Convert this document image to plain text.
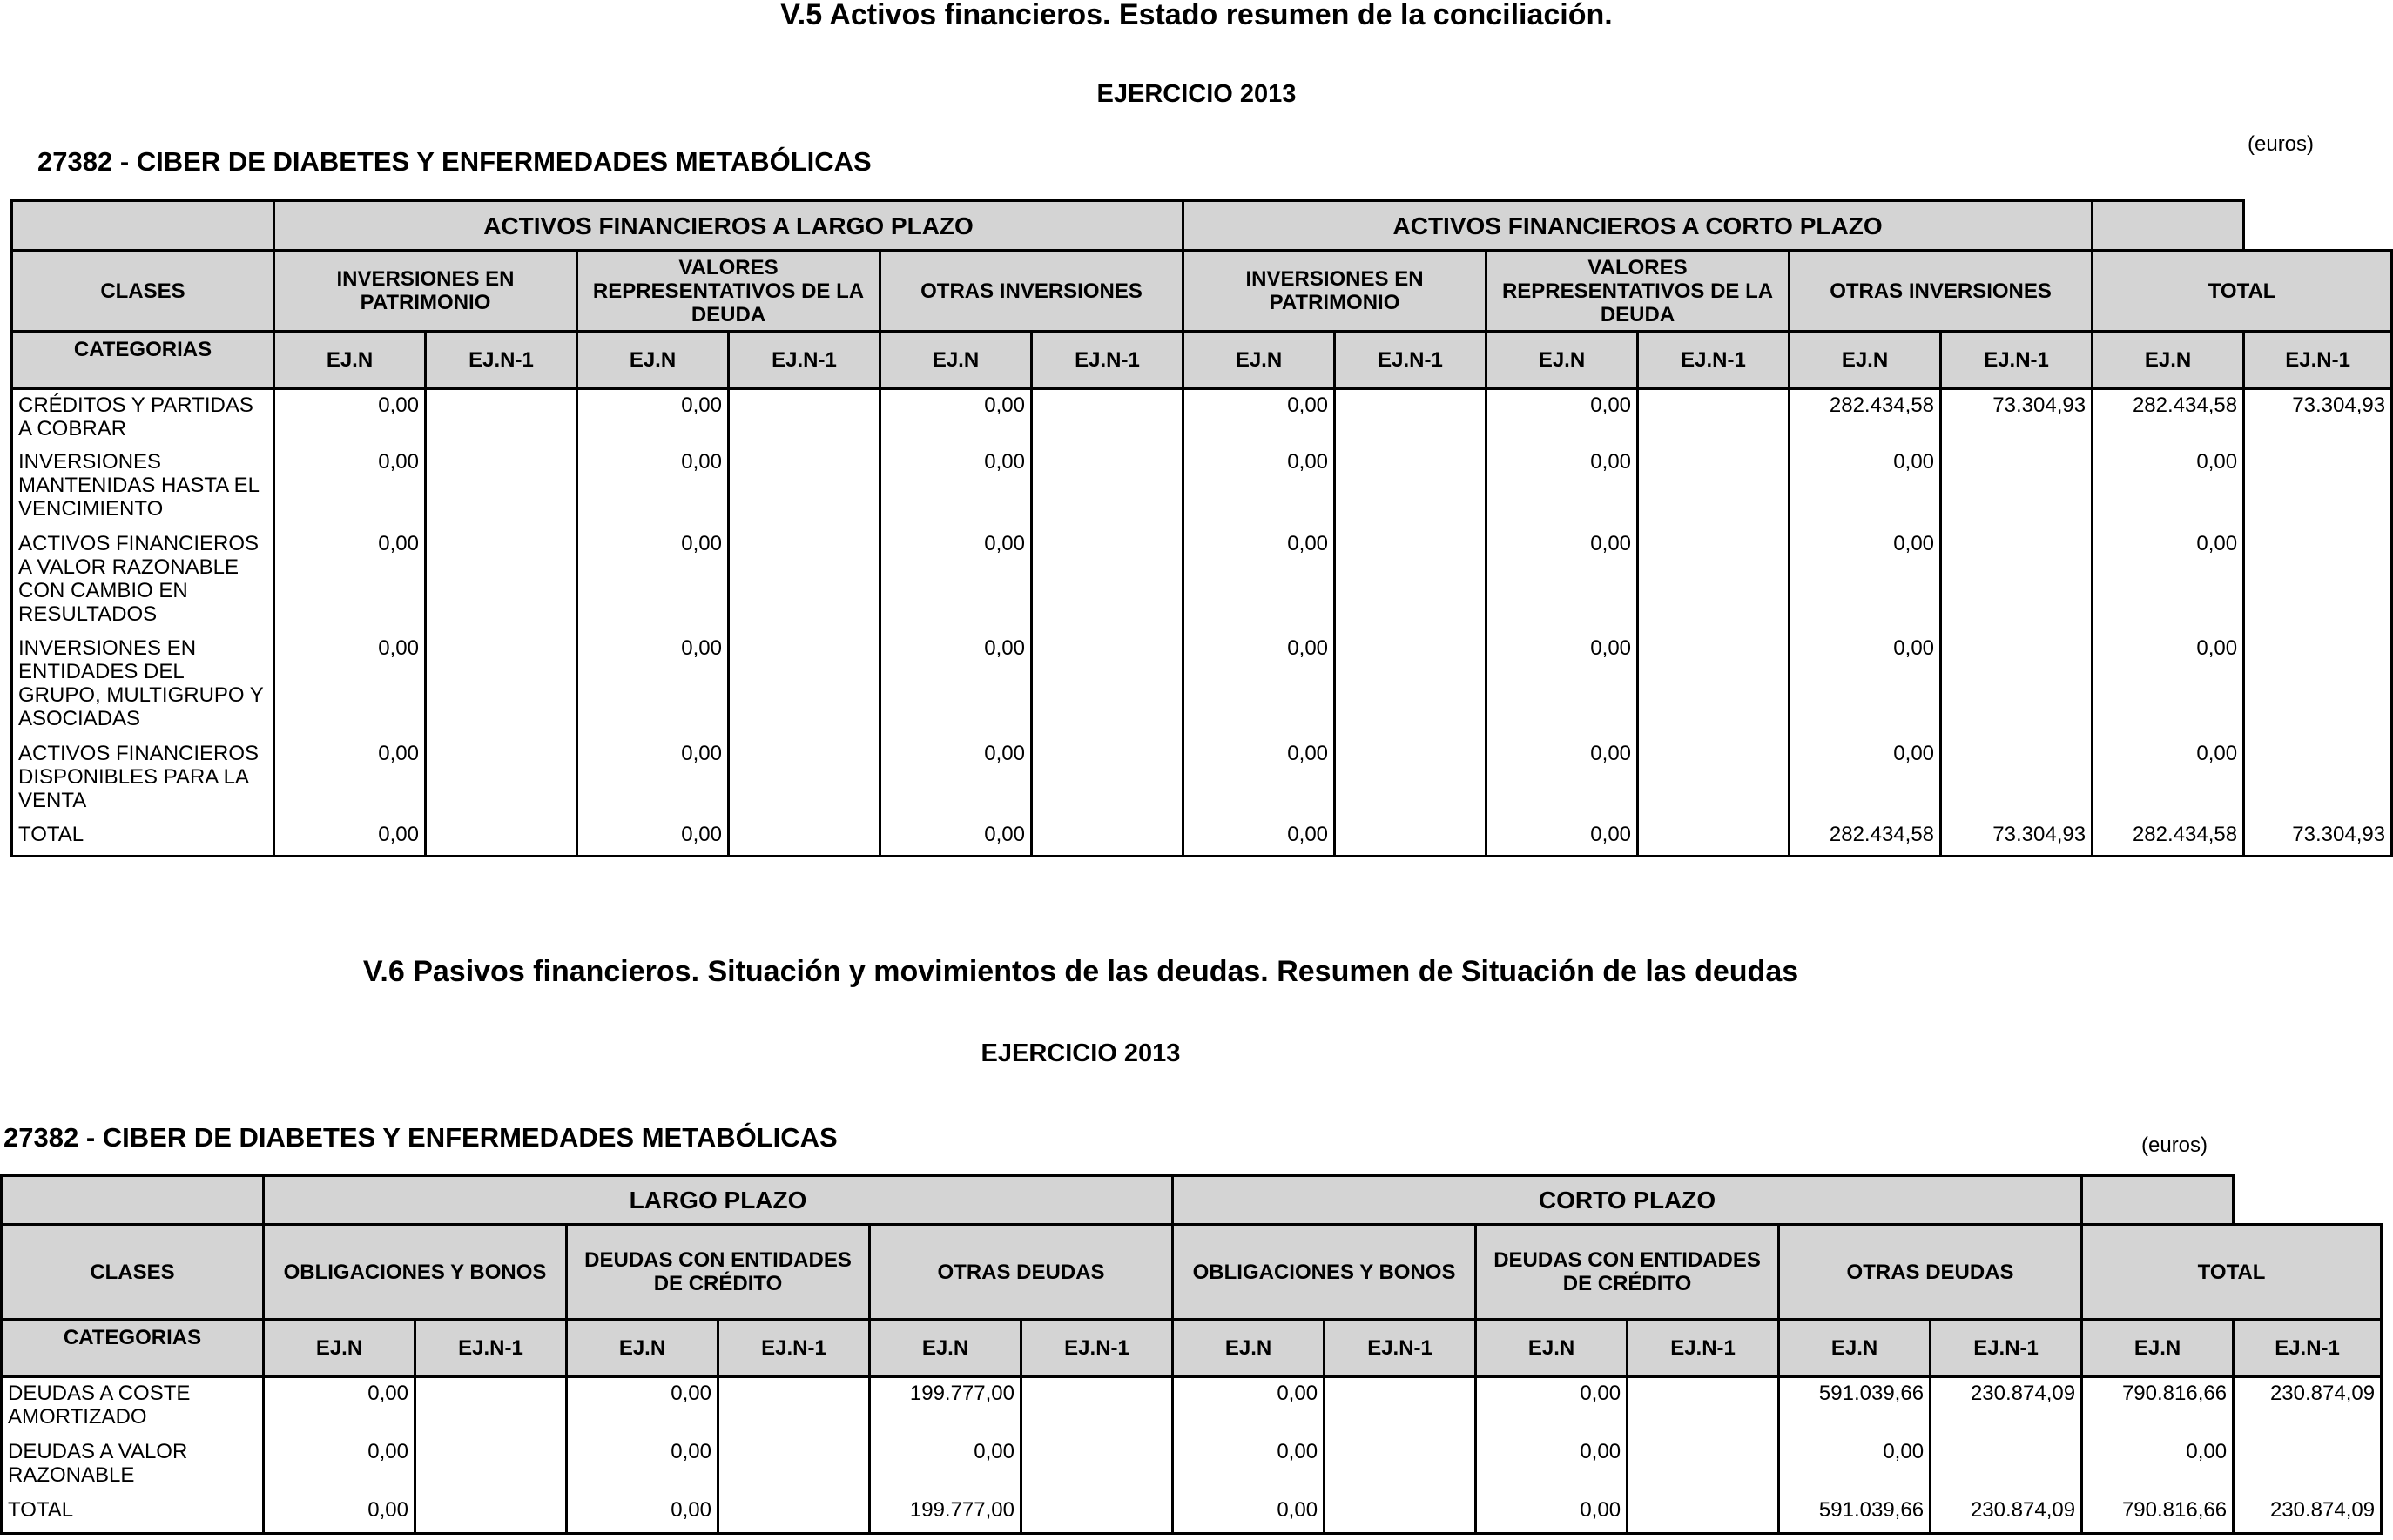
V.5 Activos financieros. Estado resumen de la conciliación.
EJERCICIO 2013
27382 - CIBER DE DIABETES Y ENFERMEDADES METABÓLICAS
(euros)
	ACTIVOS FINANCIEROS A LARGO PLAZO						ACTIVOS FINANCIEROS A CORTO PLAZO							
CLASES	INVERSIONES EN PATRIMONIO		VALORES REPRESENTATIVOS DE LA DEUDA		OTRAS INVERSIONES		INVERSIONES EN PATRIMONIO		VALORES REPRESENTATIVOS DE LA DEUDA		OTRAS INVERSIONES		TOTAL	
CATEGORIAS	EJ.N	EJ.N-1	EJ.N	EJ.N-1	EJ.N	EJ.N-1	EJ.N	EJ.N-1	EJ.N	EJ.N-1	EJ.N	EJ.N-1	EJ.N	EJ.N-1
CRÉDITOS Y PARTIDAS A COBRAR	0,00		0,00		0,00		0,00		0,00		282.434,58	73.304,93	282.434,58	73.304,93
INVERSIONES MANTENIDAS HASTA EL VENCIMIENTO	0,00		0,00		0,00		0,00		0,00		0,00		0,00	
ACTIVOS FINANCIEROS A VALOR RAZONABLE CON CAMBIO EN RESULTADOS	0,00		0,00		0,00		0,00		0,00		0,00		0,00	
INVERSIONES EN ENTIDADES DEL GRUPO, MULTIGRUPO Y ASOCIADAS	0,00		0,00		0,00		0,00		0,00		0,00		0,00	
ACTIVOS FINANCIEROS DISPONIBLES PARA LA VENTA	0,00		0,00		0,00		0,00		0,00		0,00		0,00	
TOTAL	0,00		0,00		0,00		0,00		0,00		282.434,58	73.304,93	282.434,58	73.304,93
V.6 Pasivos financieros. Situación y movimientos de las deudas. Resumen de Situación de las deudas
EJERCICIO 2013
27382 - CIBER DE DIABETES Y ENFERMEDADES METABÓLICAS	(euros)
	LARGO PLAZO						CORTO PLAZO							
CLASES	OBLIGACIONES Y BONOS		DEUDAS CON ENTIDADES DE CRÉDITO		OTRAS DEUDAS		OBLIGACIONES Y BONOS		DEUDAS CON ENTIDADES DE CRÉDITO		OTRAS DEUDAS		TOTAL	
CATEGORIAS	EJ.N	EJ.N-1	EJ.N	EJ.N-1	EJ.N	EJ.N-1	EJ.N	EJ.N-1	EJ.N	EJ.N-1	EJ.N	EJ.N-1	EJ.N	EJ.N-1
DEUDAS A COSTE AMORTIZADO	0,00		0,00		199.777,00		0,00		0,00		591.039,66	230.874,09	790.816,66	230.874,09
DEUDAS A VALOR RAZONABLE	0,00		0,00		0,00		0,00		0,00		0,00		0,00	
TOTAL	0,00		0,00		199.777,00		0,00		0,00		591.039,66	230.874,09	790.816,66	230.874,09
